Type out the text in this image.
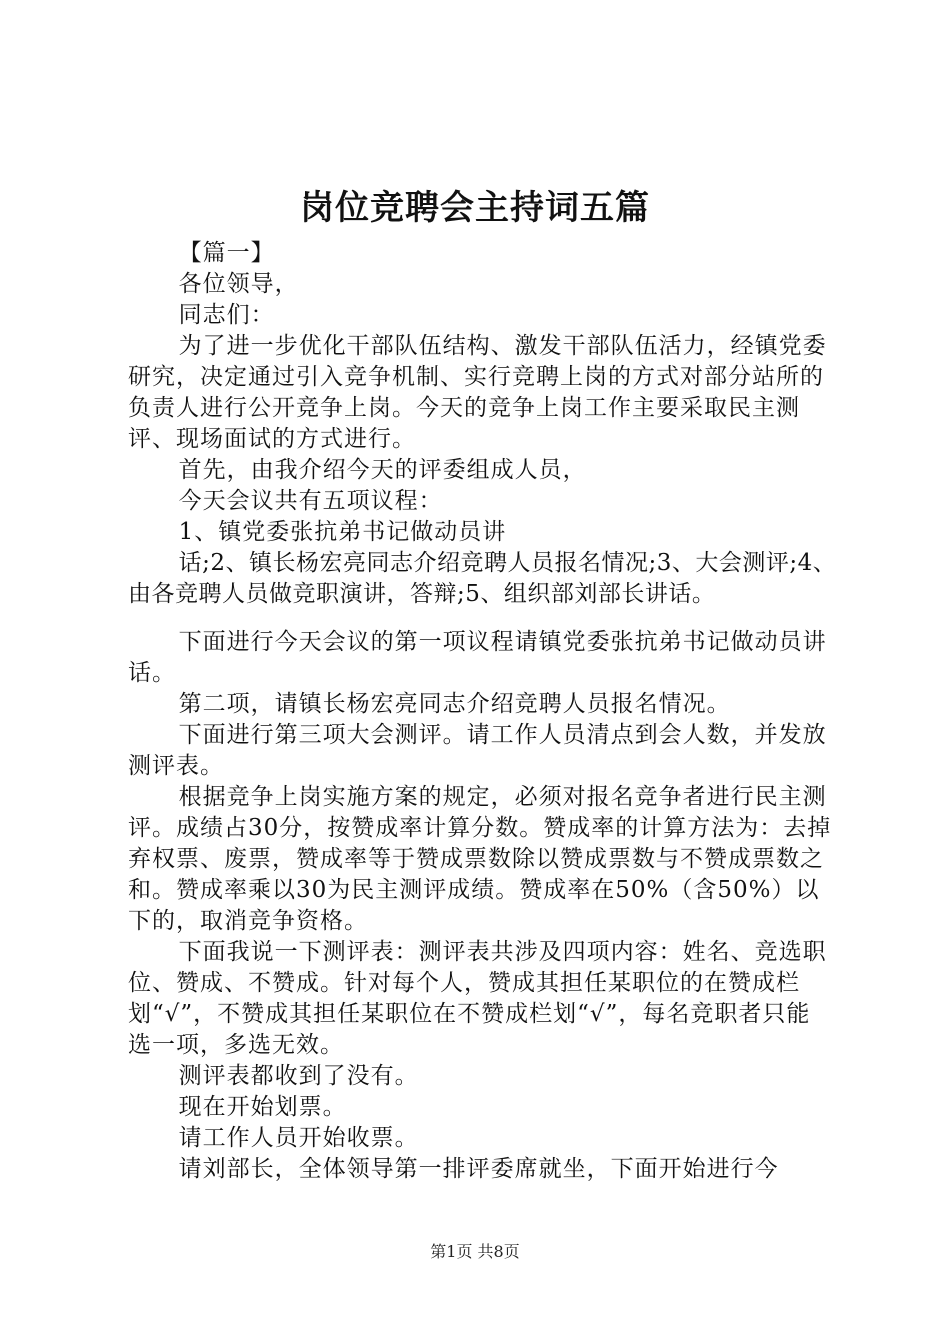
岗位竞聘会主持词五篇

【篇一】

各位领导，

同志们：

为了进一步优化干部队伍结构、激发干部队伍活力，经镇党委研究，决定通过引入竞争机制、实行竞聘上岗的方式对部分站所的负责人进行公开竞争上岗。今天的竞争上岗工作主要采取民主测评、现场面试的方式进行。

首先，由我介绍今天的评委组成人员，

今天会议共有五项议程：

1、镇党委张抗弟书记做动员讲

话;2、镇长杨宏亮同志介绍竞聘人员报名情况;3、大会测评;4、由各竞聘人员做竞职演讲，答辩;5、组织部刘部长讲话。

下面进行今天会议的第一项议程请镇党委张抗弟书记做动员讲话。

第二项，请镇长杨宏亮同志介绍竞聘人员报名情况。

下面进行第三项大会测评。请工作人员清点到会人数，并发放测评表。

根据竞争上岗实施方案的规定，必须对报名竞争者进行民主测评。成绩占30分，按赞成率计算分数。赞成率的计算方法为：去掉弃权票、废票，赞成率等于赞成票数除以赞成票数与不赞成票数之和。赞成率乘以30为民主测评成绩。赞成率在50%（含50%）以下的，取消竞争资格。

下面我说一下测评表：测评表共涉及四项内容：姓名、竞选职位、赞成、不赞成。针对每个人，赞成其担任某职位的在赞成栏划“√”，不赞成其担任某职位在不赞成栏划“√”，每名竞职者只能选一项，多选无效。

测评表都收到了没有。

现在开始划票。

请工作人员开始收票。

请刘部长，全体领导第一排评委席就坐，下面开始进行今

第1页 共8页
